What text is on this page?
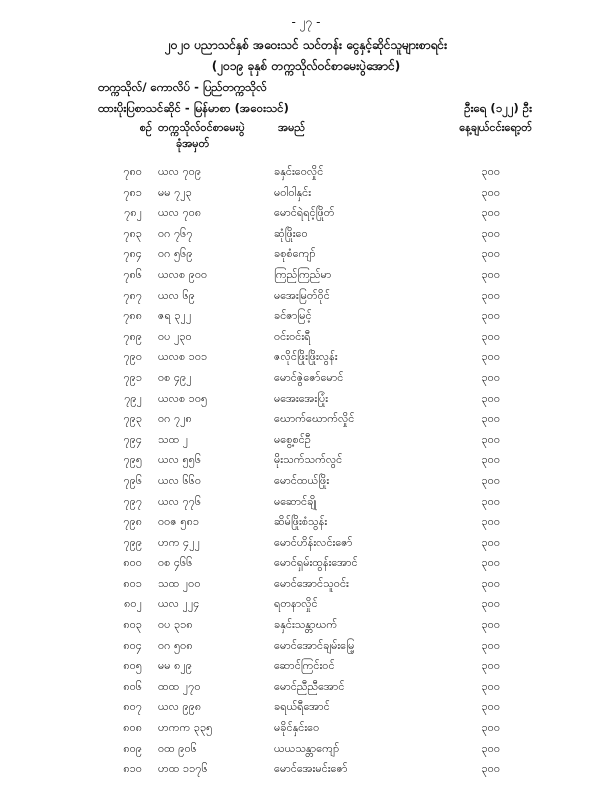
- ၂၇ -
၂၀၂၀ ပညာသင်နှစ် အဝေးသင် သင်တန်း ငွေနှင့်ဆိုင်သူများစာရင်း
(၂၀၁၉ ခုနှစ် တက္ကသိုလ်ဝင်စာမေးပွဲအောင်)
တက္ကသိုလ်/ ကောလိပ် - ပြည်တက္ကသိုလ်
ထားပိုးပြစာသင်ဆိုင် - မြန်မာစာ (အဝေးသင်)	ဦးရေ (၁၂၂) ဦး
စဉ် တက္ကသိုလ်ဝင်စာမေးပွဲ
ခုံအမှတ်
အမည်	နေ့ချယ်ငင်းရော့တ်
၇၈၀ ယလ ၇၀၉	ခနှင်းဝေလှိုင်	၃၀၀
၇၈၁ မမ ၇၂၃	မဝါဝါနှင်း	၃၀၀
၇၈၂ ယလ ၇၀၈	မောင်ရဲရင့်ဖြိုတ်	၃၀၀
၇၈၃ ဝဂ ၇၆၇	ဆုံဖြိုးဝေ	၃၀၀
၇၈၄ ဝဂ ၅၆၉	ခစုစံကျော်	၃၀၀
၇၈၆ ယလစ ၉၀၀	ကြည်ကြည်မာ	၃၀၀
၇၈၇ ယလ ၆၉	မအေးမြတ်ဝိုင်	၃၀၀
၇၈၈ ဇရ ၃၂၂	ခင်ဇာမြင့်	၃၀၀
၇၈၉ ဝပ ၂၃၀	ဝင်းဝင်းရီ	၃၀၀
၇၉၀ ယလစ ၁၀၁	ဇလိုင်ဖြိုးဖြိုးလွန်း	၃၀၀
၇၉၁ ဝစ ၄၉၂	မောင်ဇွဲဇော်မောင်	၃၀၀
၇၉၂ ယလစ ၁၀၅	မအေးအေးပြုံး	၃၀၀
၇၉၃ ဝဂ ၇၂၈	ဃောက်ဃောက်လှိုင်	၃၀၀
၇၉၄ သထ ၂	မစွေ့စင်ဦ	၃၀၀
၇၉၅ ယလ ၅၅၆	မိုးသက်သက်လွင်	၃၀၀
၇၉၆ ယလ ၆၆၀	မောင်ထယ်ဖြိုး	၃၀၀
၇၉၇ ယလ ၇၇၆	မဆောင်ချို	၃၀၀
၇၉၈ ဝဝဇ ၅၈၁	ဆိမ်ဖြိုးစံသွန်း	၃၀၀
၇၉၉ ဟက ၄၂၂	မောင်ဟိန်းလင်းဇော်	၃၀၀
၈၀၀ ဝစ ၄၆၆	မောင်ရှမ်းထွန်းအောင်	၃၀၀
၈၀၁ သထ ၂၀၀	မောင်အောင်သူဝင်း	၃၀၀
၈၀၂ ယလ ၂၂၄	ရတနာလှိုင်	၃၀၀
၈၀၃ ဝပ ၃၁၈	ခနှင်းသန္တာဃက်	၃၀၀
၈၀၄ ဝဂ ၅၀၈	မောင်အောင်ချမ်းမြေ့	၃၀၀
၈၀၅ မမ ၈၂၉	ဆောင်ကြင်းဝင်	၃၀၀
၈၀၆ ထထ ၂၇၀	မောင်ညီညီအောင်	၃၀၀
၈၀၇ ယလ ၉၉၈	ခရယ်ရီအောင်	၃၀၀
၈၀၈ ဟကက ၃၃၅	မခိုင်နှင်းဝေ	၃၀၀
၈၀၉ ဝထ ၉၀၆	ယယသန္တာကျော်	၃၀၀
၈၁၀ ဟထ ၁၁၇၆	မောင်အေးမင်းဇော်	၃၀၀
